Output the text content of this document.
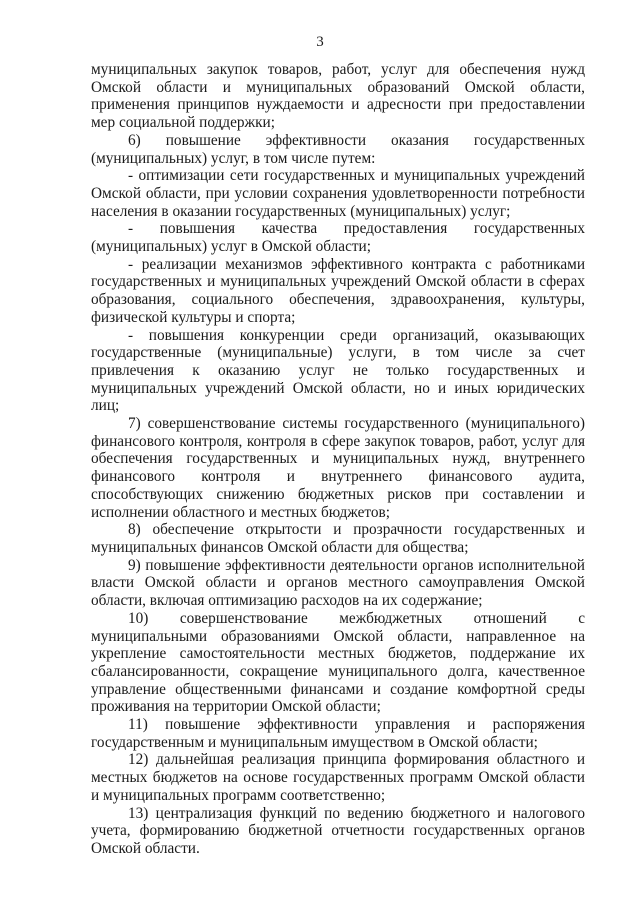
3

муниципальных закупок товаров, работ, услуг для обеспечения нужд Омской области и муниципальных образований Омской области, применения принципов нуждаемости и адресности при предоставлении мер социальной поддержки;

6) повышение эффективности оказания государственных (муниципальных) услуг, в том числе путем:

- оптимизации сети государственных и муниципальных учреждений Омской области, при условии сохранения удовлетворенности потребности населения в оказании государственных (муниципальных) услуг;

- повышения качества предоставления государственных (муниципальных) услуг в Омской области;

- реализации механизмов эффективного контракта с работниками государственных и муниципальных учреждений Омской области в сферах образования, социального обеспечения, здравоохранения, культуры, физической культуры и спорта;

- повышения конкуренции среди организаций, оказывающих государственные (муниципальные) услуги, в том числе за счет привлечения к оказанию услуг не только государственных и муниципальных учреждений Омской области, но и иных юридических лиц;

7) совершенствование системы государственного (муниципального) финансового контроля, контроля в сфере закупок товаров, работ, услуг для обеспечения государственных и муниципальных нужд, внутреннего финансового контроля и внутреннего финансового аудита, способствующих снижению бюджетных рисков при составлении и исполнении областного и местных бюджетов;

8) обеспечение открытости и прозрачности государственных и муниципальных финансов Омской области для общества;

9) повышение эффективности деятельности органов исполнительной власти Омской области и органов местного самоуправления Омской области, включая оптимизацию расходов на их содержание;

10) совершенствование межбюджетных отношений с муниципальными образованиями Омской области, направленное на укрепление самостоятельности местных бюджетов, поддержание их сбалансированности, сокращение муниципального долга, качественное управление общественными финансами и создание комфортной среды проживания на территории Омской области;

11) повышение эффективности управления и распоряжения государственным и муниципальным имуществом в Омской области;

12) дальнейшая реализация принципа формирования областного и местных бюджетов на основе государственных программ Омской области и муниципальных программ соответственно;

13) централизация функций по ведению бюджетного и налогового учета, формированию бюджетной отчетности государственных органов Омской области.
